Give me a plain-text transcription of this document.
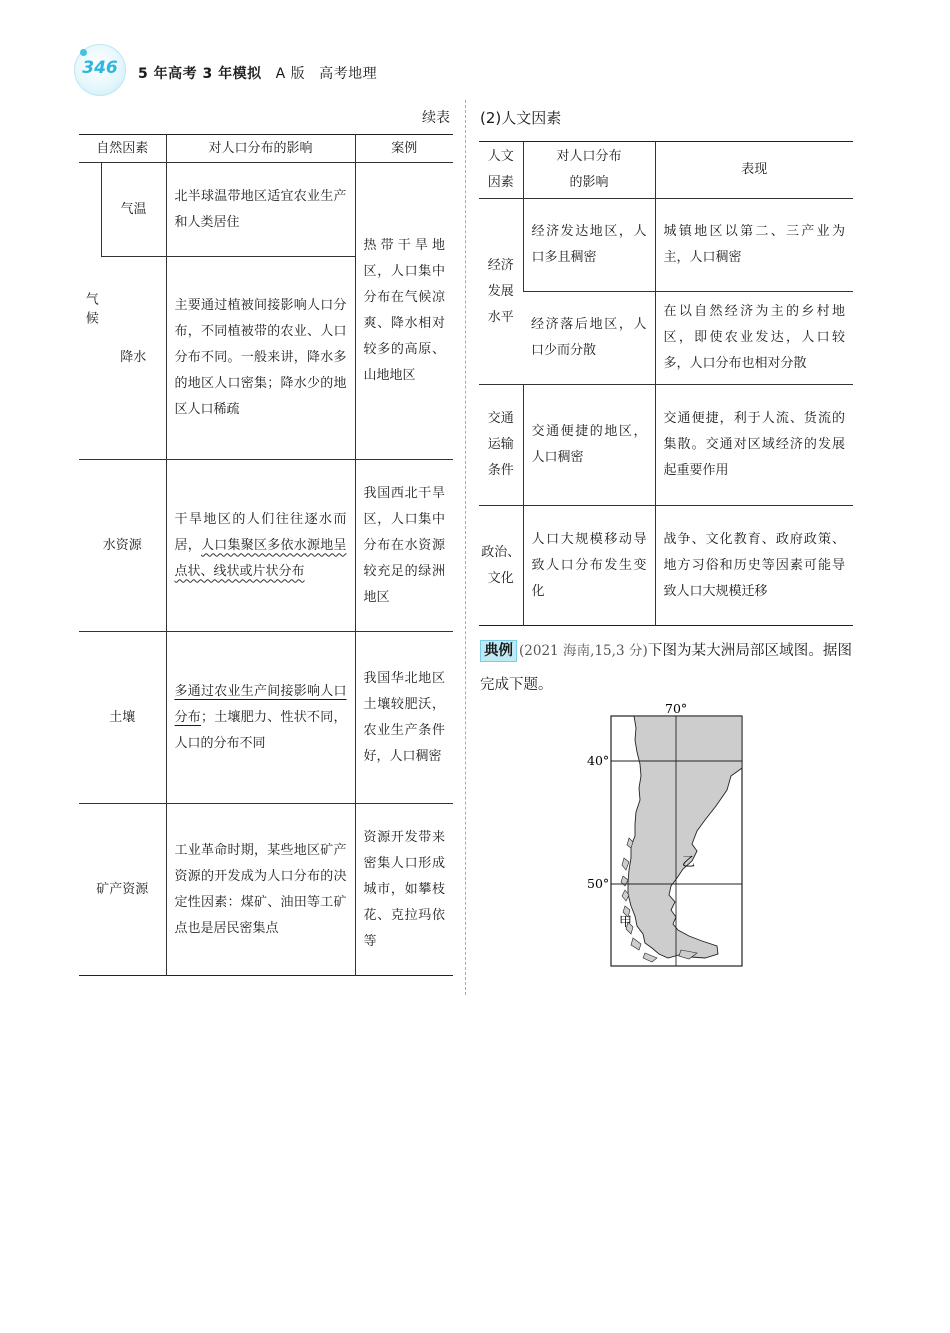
346	5 年高考 3 年模拟 A 版 高考地理
续表
自然因素		对人口分布的影响	案例

气候	气温	北半球温带地区适宜农业生产和人类居住	热带干旱地区，人口集中分布在气候凉爽、降水相对较多的高原、山地地区
	降水	主要通过植被间接影响人口分布，不同植被带的农业、人口分布不同。一般来讲，降水多的地区人口密集；降水少的地区人口稀疏	
水资源		干旱地区的人们往往逐水而居，人口集聚区多依水源地呈点状、线状或片状分布	我国西北干旱区，人口集中分布在水资源较充足的绿洲地区
土壤		多通过农业生产间接影响人口分布；土壤肥力、性状不同，人口的分布不同	我国华北地区土壤较肥沃，农业生产条件好，人口稠密
矿产资源		工业革命时期，某些地区矿产资源的开发成为人口分布的决定性因素：煤矿、油田等工矿点也是居民密集点	资源开发带来密集人口形成城市，如攀枝花、克拉玛依等
(2)人文因素
人文因素	对人口分布的影响	表现

经济发展水平	经济发达地区，人口多且稠密	城镇地区以第二、三产业为主，人口稠密
	经济落后地区，人口少而分散	在以自然经济为主的乡村地区，即使农业发达，人口较多，人口分布也相对分散

交通运输条件	交通便捷的地区，人口稠密	交通便捷，利于人流、货流的集散。交通对区域经济的发展起重要作用

政治、文化	人口大规模移动导致人口分布发生变化	战争、文化教育、政府政策、地方习俗和历史等因素可能导致人口大规模迁移
典例 (2021 海南,15,3 分)下图为某大洲局部区域图。据图完成下题。
70°
40°
50°
乙
甲
